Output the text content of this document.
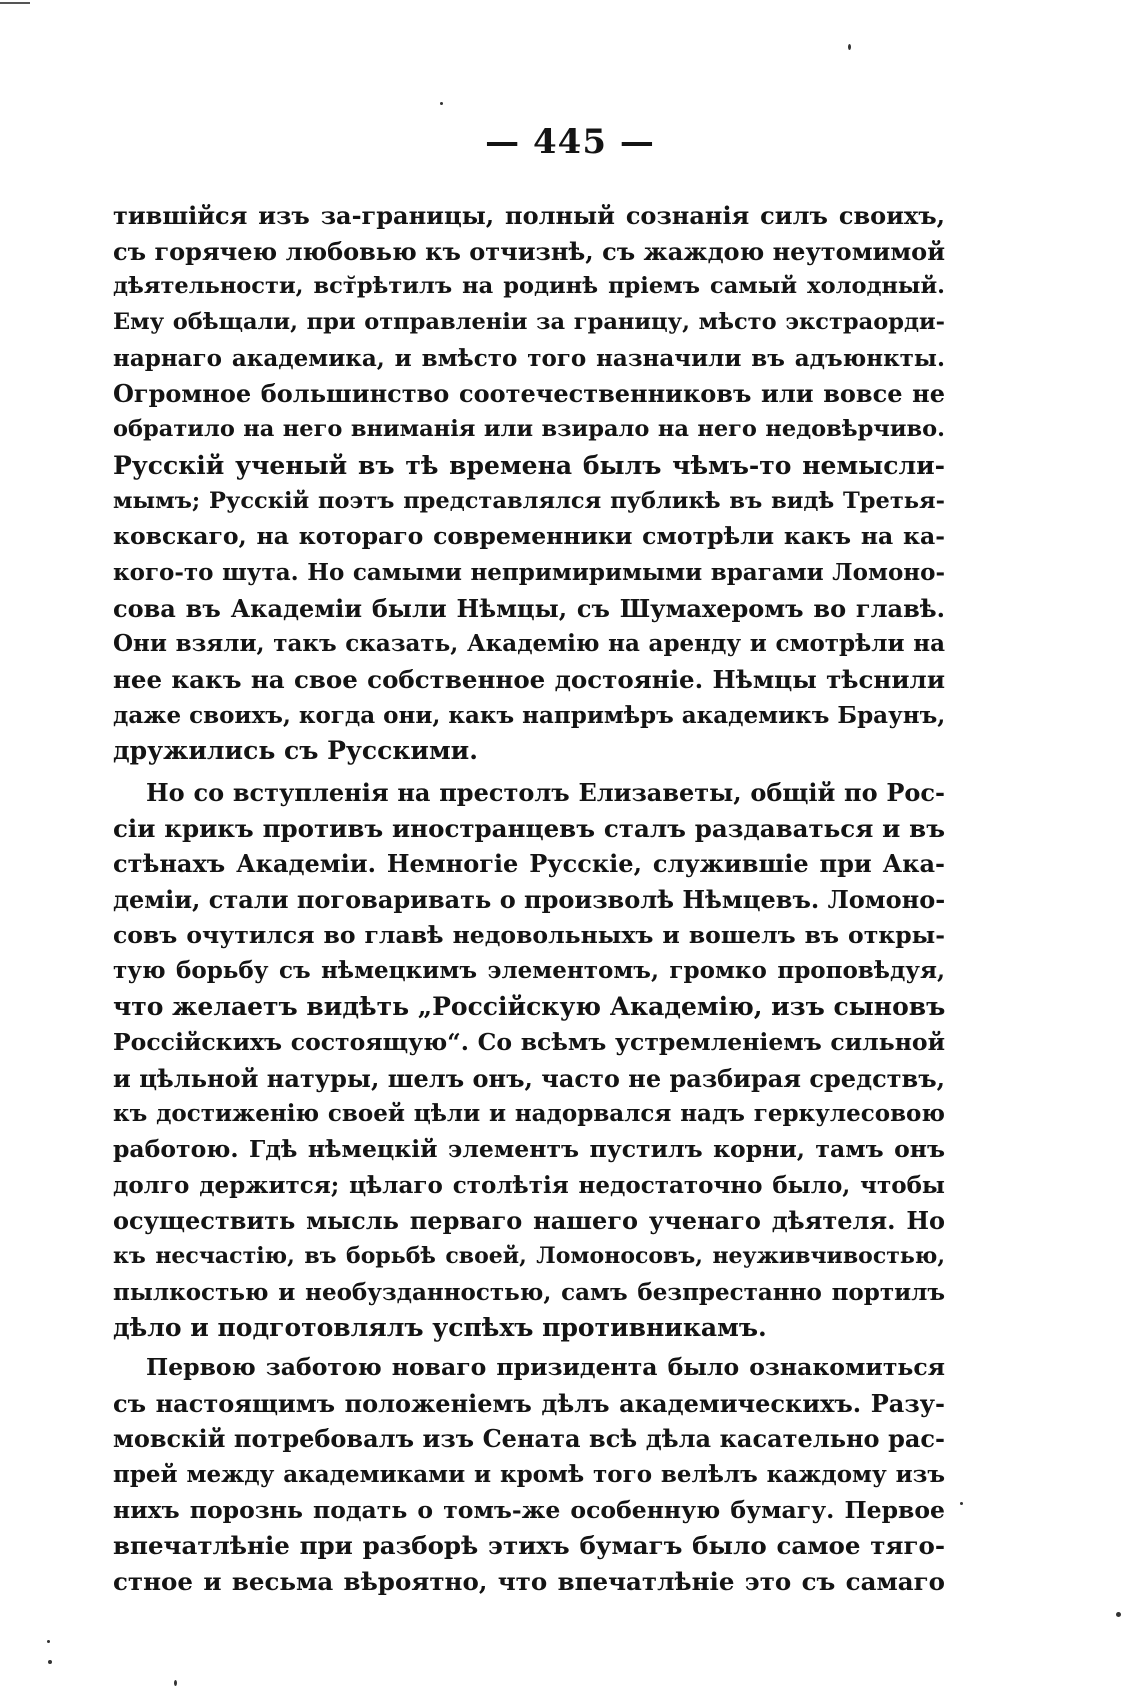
— 445 —
тившійся изъ за-границы, полный сознанія силъ своихъ,
съ горячею любовью къ отчизнѣ, съ жаждою неутомимой
дѣятельности, вст̆рѣтилъ на родинѣ пріемъ самый холодный.
Ему обѣщали, при отправленіи за границу, мѣсто экстраорди-
нарнаго академика, и вмѣсто того назначили въ адъюнкты.
Огромное большинство соотечественниковъ или вовсе не
обратило на него вниманія или взирало на него недовѣрчиво.
Русскій ученый въ тѣ времена былъ чѣмъ-то немысли-
мымъ; Русскій поэтъ представлялся публикѣ въ видѣ Третья-
ковскаго, на котораго современники смотрѣли какъ на ка-
кого-то шута. Но самыми непримиримыми врагами Ломоно-
сова въ Академіи были Нѣмцы, съ Шумахеромъ во главѣ.
Они взяли, такъ сказать, Академію на аренду и смотрѣли на
нее какъ на свое собственное достояніе. Нѣмцы тѣснили
даже своихъ, когда они, какъ напримѣръ академикъ Браунъ,
дружились съ Русскими.
Но со вступленія на престолъ Елизаветы, общій по Рос-
сіи крикъ противъ иностранцевъ сталъ раздаваться и въ
стѣнахъ Академіи. Немногіе Русскіе, служившіе при Ака-
деміи, стали поговаривать о произволѣ Нѣмцевъ. Ломоно-
совъ очутился во главѣ недовольныхъ и вошелъ въ откры-
тую борьбу съ нѣмецкимъ элементомъ, громко проповѣдуя,
что желаетъ видѣть „Россійскую Академію, изъ сыновъ
Россійскихъ состоящую“. Со всѣмъ устремленіемъ сильной
и цѣльной натуры, шелъ онъ, часто не разбирая средствъ,
къ достиженію своей цѣли и надорвался надъ геркулесовою
работою. Гдѣ нѣмецкій элементъ пустилъ корни, тамъ онъ
долго держится; цѣлаго столѣтія недостаточно было, чтобы
осуществить мысль перваго нашего ученаго дѣятеля. Но
къ несчастію, въ борьбѣ своей, Ломоносовъ, неуживчивостью,
пылкостью и необузданностью, самъ безпрестанно портилъ
дѣло и подготовлялъ успѣхъ противникамъ.
Первою заботою новаго призидента было ознакомиться
съ настоящимъ положеніемъ дѣлъ академическихъ. Разу-
мовскій потребовалъ изъ Сената всѣ дѣла касательно рас-
прей между академиками и кромѣ того велѣлъ каждому изъ
нихъ порознь подать о томъ-же особенную бумагу. Первое
впечатлѣніе при разборѣ этихъ бумагъ было самое тяго-
стное и весьма вѣроятно, что впечатлѣніе это съ самаго
